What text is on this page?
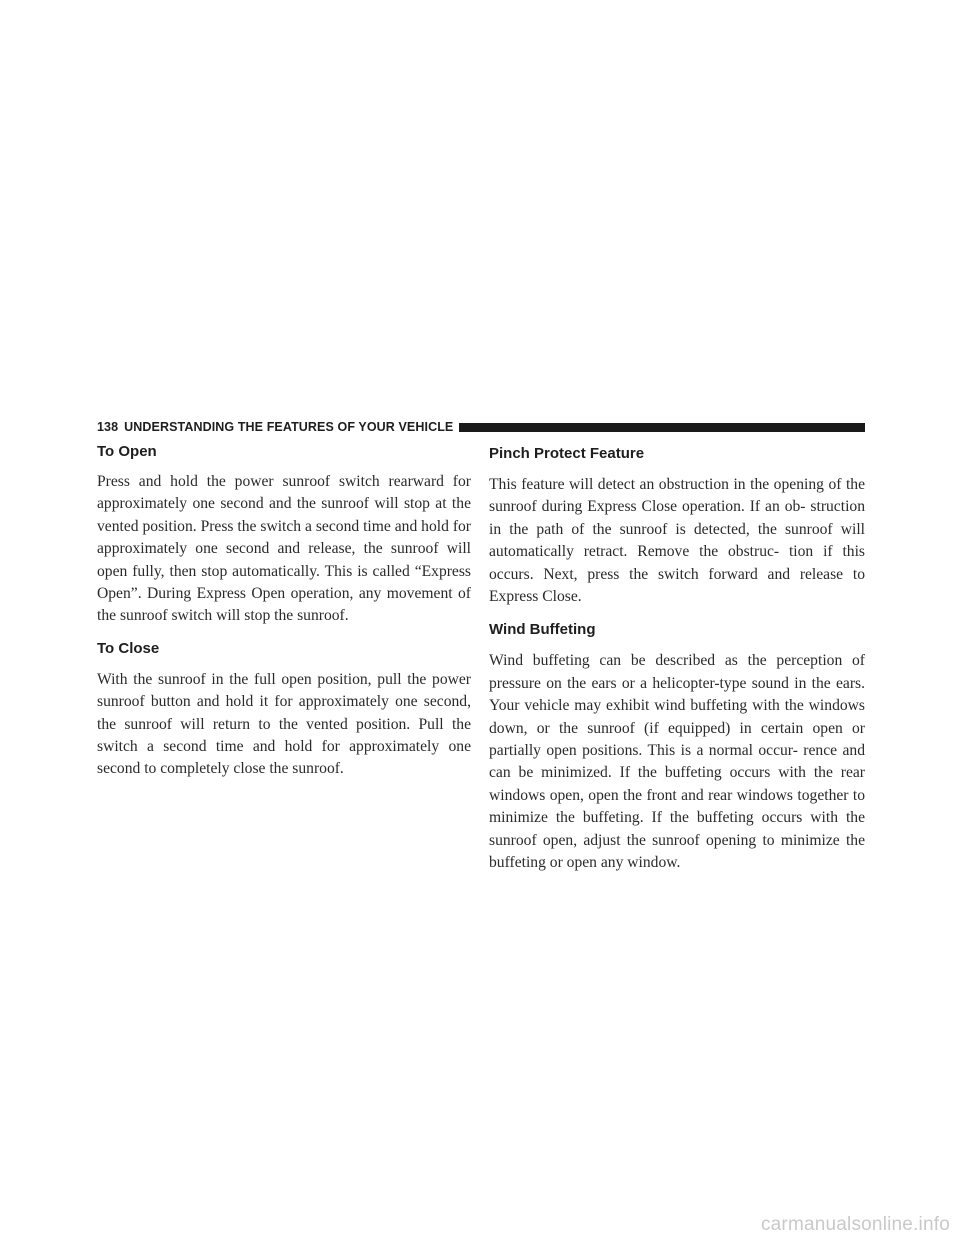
138 UNDERSTANDING THE FEATURES OF YOUR VEHICLE
To Open

Press and hold the power sunroof switch rearward for approximately one second and the sunroof will stop at the vented position. Press the switch a second time and hold for approximately one second and release, the sunroof will open fully, then stop automatically. This is called “Express Open”. During Express Open operation, any movement of the sunroof switch will stop the sunroof.

To Close

With the sunroof in the full open position, pull the power sunroof button and hold it for approximately one second, the sunroof will return to the vented position. Pull the switch a second time and hold for approximately one second to completely close the sunroof.

Pinch Protect Feature

This feature will detect an obstruction in the opening of the sunroof during Express Close operation. If an ob- struction in the path of the sunroof is detected, the sunroof will automatically retract. Remove the obstruc- tion if this occurs. Next, press the switch forward and release to Express Close.

Wind Buffeting

Wind buffeting can be described as the perception of pressure on the ears or a helicopter-type sound in the ears. Your vehicle may exhibit wind buffeting with the windows down, or the sunroof (if equipped) in certain open or partially open positions. This is a normal occur- rence and can be minimized. If the buffeting occurs with the rear windows open, open the front and rear windows together to minimize the buffeting. If the buffeting occurs with the sunroof open, adjust the sunroof opening to minimize the buffeting or open any window.

carmanualsonline.info
